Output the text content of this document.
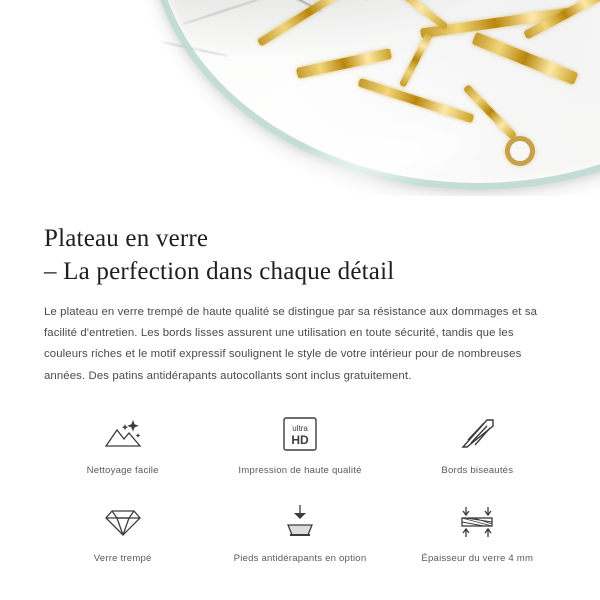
Plateau en verre
– La perfection dans chaque détail

Le plateau en verre trempé de haute qualité se distingue par sa résistance aux dommages et sa facilité d'entretien. Les bords lisses assurent une utilisation en toute sécurité, tandis que les couleurs riches et le motif expressif soulignent le style de votre intérieur pour de nombreuses années. Des patins antidérapants autocollants sont inclus gratuitement.

Nettoyage facile
ultra
HD
Impression de haute qualité	Bords biseautés
Verre trempé	Pieds antidérapants en option	Épaisseur du verre 4 mm
